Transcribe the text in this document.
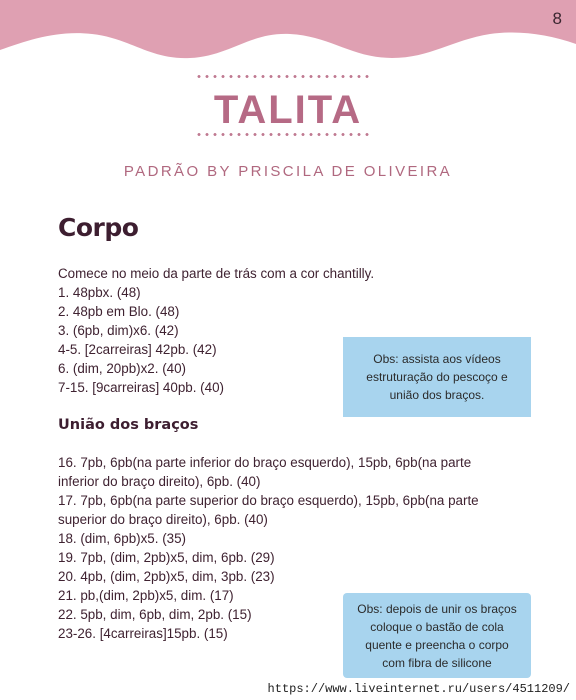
8
TALITA
PADRÃO BY PRISCILA DE OLIVEIRA
Corpo
Comece no meio da parte de trás com a cor chantilly.
1. 48pbx. (48)
2. 48pb em Blo. (48)
3. (6pb, dim)x6. (42)
4-5. [2carreiras] 42pb. (42)
6. (dim, 20pb)x2. (40)
7-15. [9carreiras] 40pb. (40)
Obs: assista aos vídeos estruturação do pescoço e união dos braços.
União dos braços
16. 7pb, 6pb(na parte inferior do braço esquerdo), 15pb, 6pb(na parte inferior do braço direito), 6pb. (40)
17. 7pb, 6pb(na parte superior do braço esquerdo), 15pb, 6pb(na parte superior do braço direito), 6pb. (40)
18. (dim, 6pb)x5. (35)
19. 7pb, (dim, 2pb)x5, dim, 6pb. (29)
20. 4pb, (dim, 2pb)x5, dim, 3pb. (23)
21. pb,(dim, 2pb)x5, dim. (17)
22. 5pb, dim, 6pb, dim, 2pb. (15)
23-26. [4carreiras]15pb. (15)
Obs: depois de unir os braços coloque o bastão de cola quente e preencha o corpo com fibra de silicone
https://www.liveinternet.ru/users/4511209/
